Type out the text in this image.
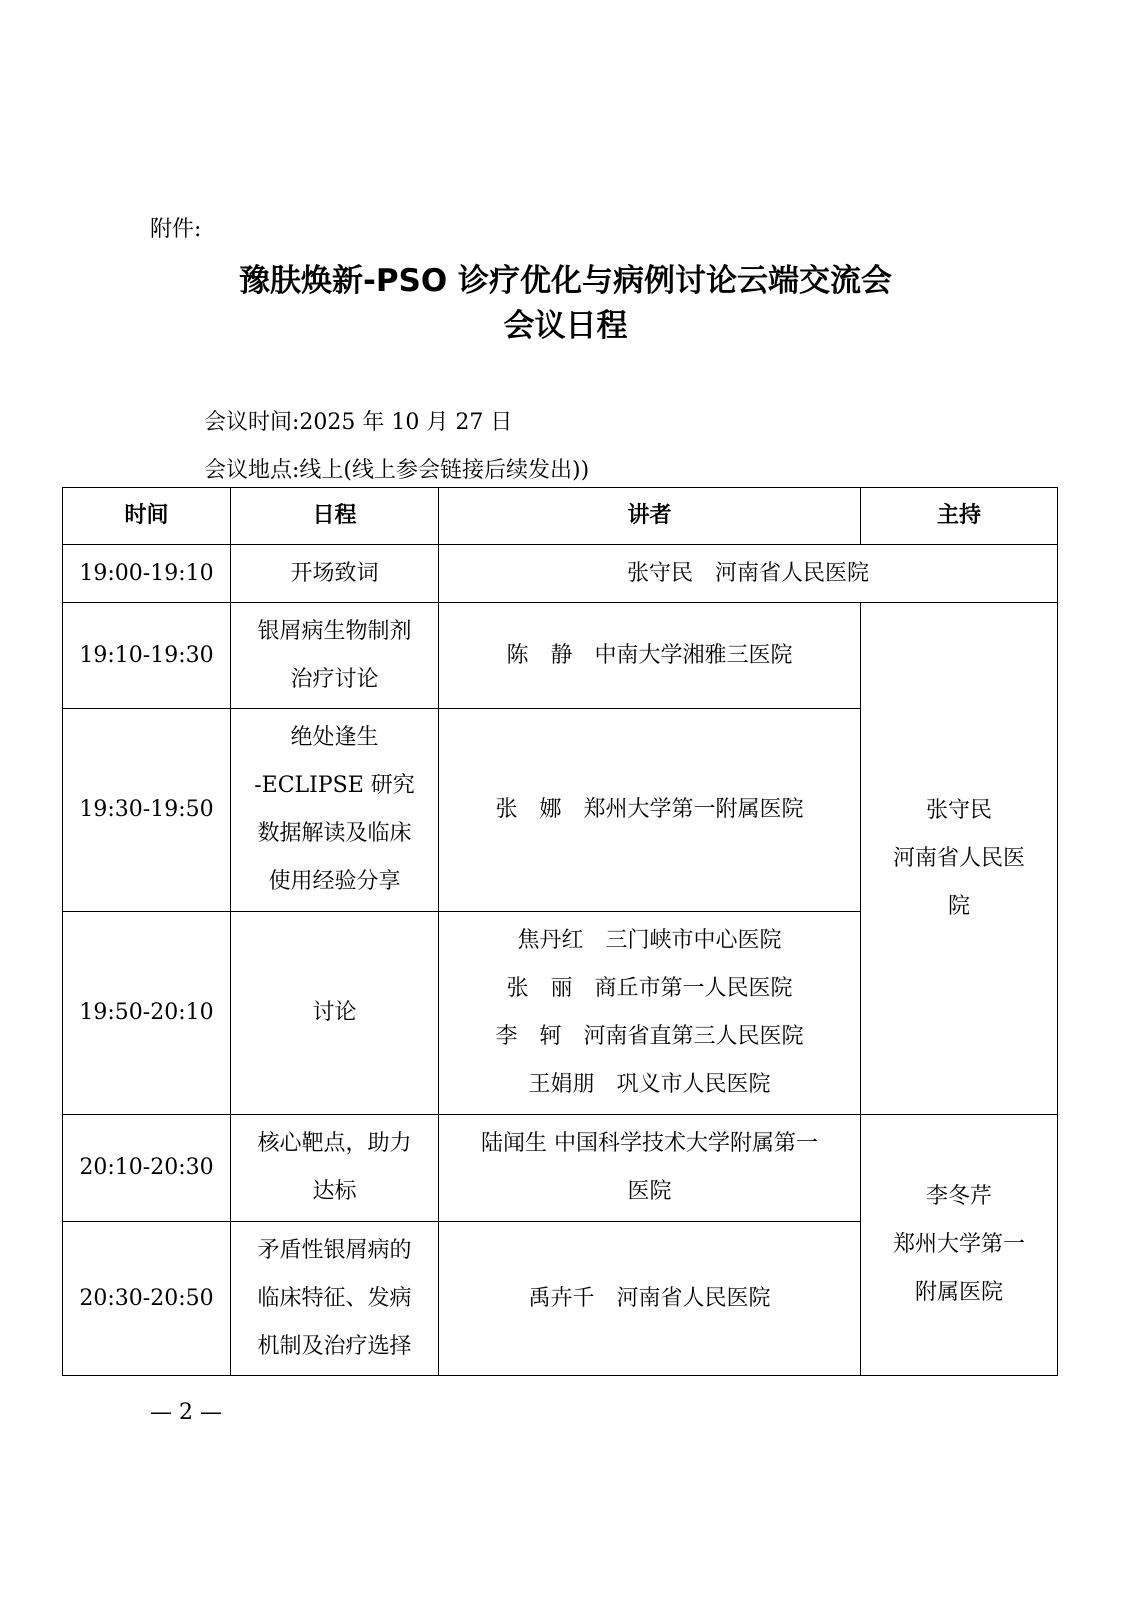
附件:
豫肤焕新-PSO 诊疗优化与病例讨论云端交流会
会议日程
会议时间:2025 年 10 月 27 日
会议地点:线上(线上参会链接后续发出))
时间	日程	讲者	主持
19:00-19:10	开场致词	张守民　河南省人民医院	

19:10-19:30	银屑病生物制剂
治疗讨论	陈　静　中南大学湘雅三医院	张守民
河南省人民医
院

19:30-19:50	绝处逢生
-ECLIPSE 研究
数据解读及临床
使用经验分享	张　娜　郑州大学第一附属医院	

19:50-20:10	讨论	焦丹红　三门峡市中心医院
张　丽　商丘市第一人民医院
李　轲　河南省直第三人民医院
王娟朋　巩义市人民医院	

20:10-20:30	核心靶点，助力
达标	陆闻生 中国科学技术大学附属第一
医院	李冬芹
郑州大学第一
附属医院

20:30-20:50	矛盾性银屑病的
临床特征、发病
机制及治疗选择	禹卉千　河南省人民医院	
— 2 —
